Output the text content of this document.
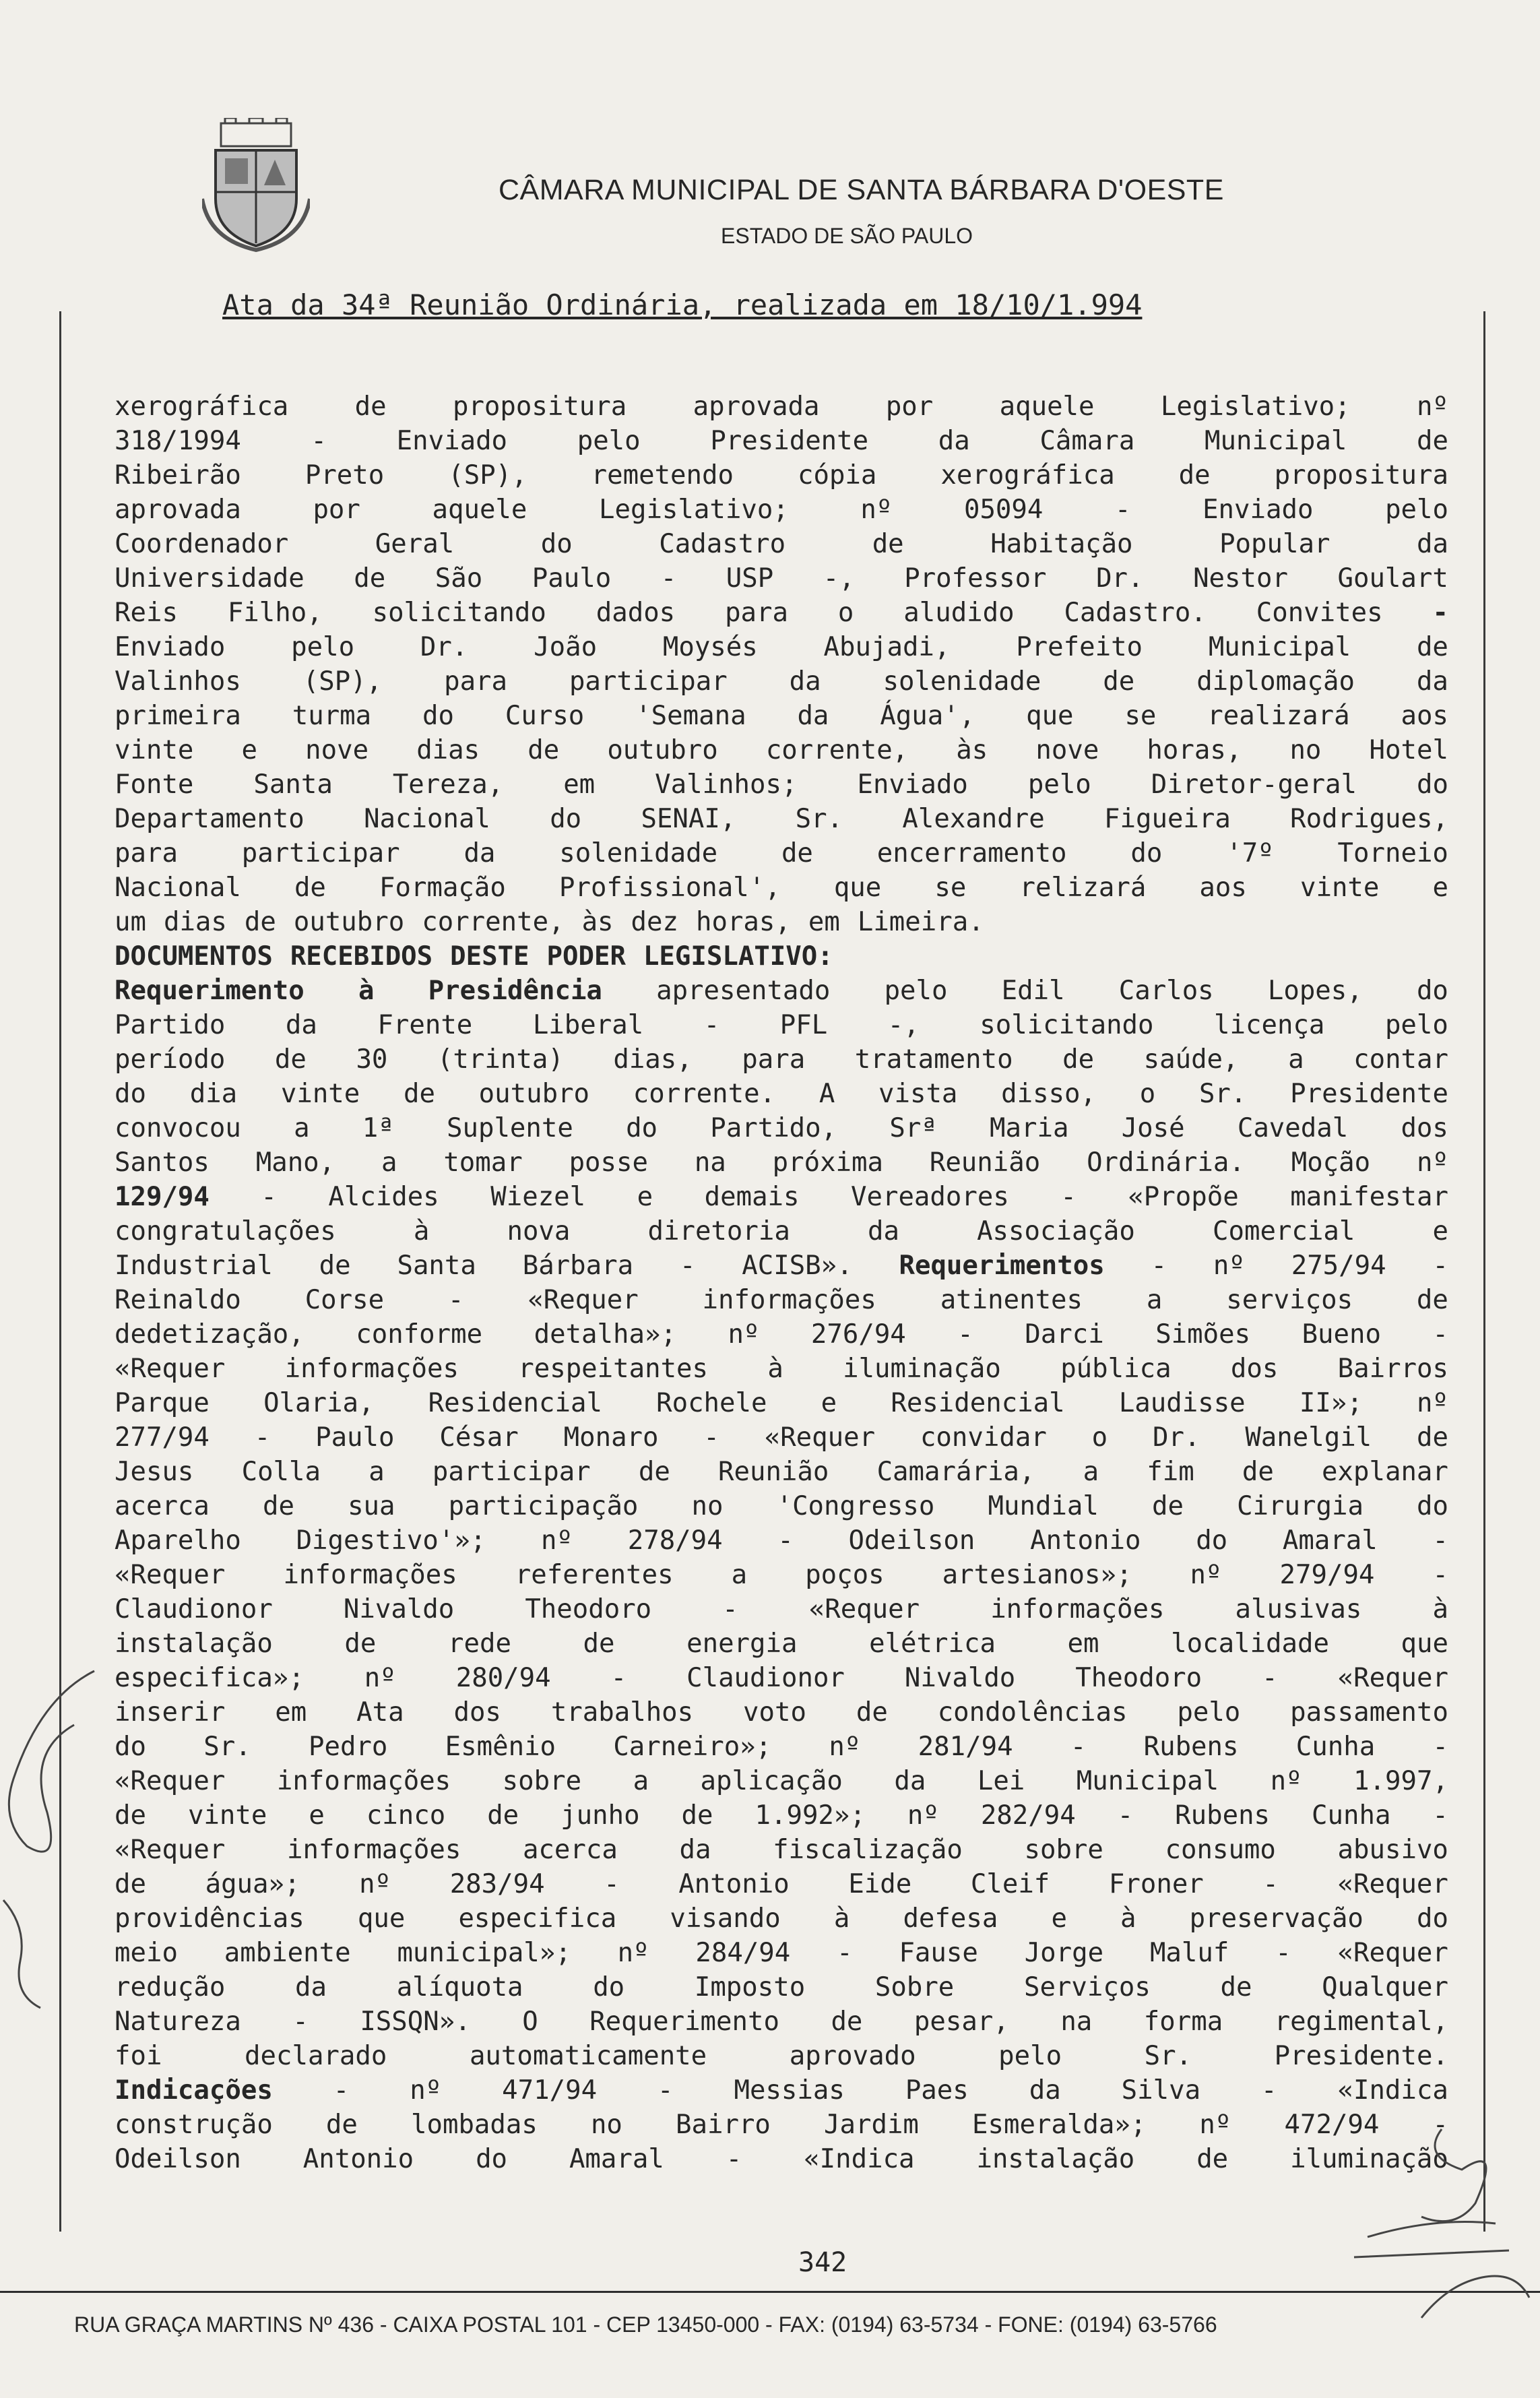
CÂMARA MUNICIPAL DE SANTA BÁRBARA D'OESTE
ESTADO DE SÃO PAULO
Ata da 34ª Reunião Ordinária, realizada em 18/10/1.994
xerográfica	de	propositura	aprovada	por	aquele	Legislativo;	nº
318/1994	-	Enviado	pelo	Presidente	da	Câmara	Municipal	de
Ribeirão Preto (SP), remetendo cópia xerográfica de propositura
aprovada	por	aquele	Legislativo;	nº	05094	-	Enviado	pelo
Coordenador	Geral	do	Cadastro	de	Habitação	Popular	da
Universidade de São Paulo - USP -, Professor Dr. Nestor Goulart
Reis Filho, solicitando dados para o aludido Cadastro. Convites -
Enviado	pelo	Dr.	João	Moysés	Abujadi,	Prefeito	Municipal	de
Valinhos (SP), para participar da solenidade de diplomação da
primeira turma do Curso 'Semana da Água', que se realizará aos
vinte e nove dias de outubro corrente, às nove horas, no Hotel
Fonte Santa Tereza, em Valinhos; Enviado pelo Diretor-geral do
Departamento Nacional do SENAI, Sr. Alexandre Figueira Rodrigues,
para participar da solenidade de encerramento do '7º Torneio
Nacional de Formação Profissional', que se relizará aos vinte e
um dias de outubro corrente, às dez horas, em Limeira.
DOCUMENTOS RECEBIDOS DESTE PODER LEGISLATIVO:
Requerimento à Presidência apresentado pelo Edil Carlos Lopes, do
Partido da Frente Liberal - PFL -, solicitando licença pelo
período de 30 (trinta) dias, para tratamento de saúde, a contar
do dia vinte de outubro corrente. A vista disso, o Sr. Presidente
convocou a 1ª Suplente do Partido, Srª Maria José Cavedal dos
Santos Mano, a tomar posse na próxima Reunião Ordinária. Moção nº
129/94 - Alcides Wiezel e demais Vereadores - «Propõe manifestar
congratulações	à	nova	diretoria	da	Associação	Comercial	e
Industrial de Santa Bárbara - ACISB». Requerimentos - nº 275/94 -
Reinaldo Corse - «Requer informações atinentes a serviços de
dedetização, conforme detalha»; nº 276/94 - Darci Simões Bueno -
«Requer informações respeitantes à iluminação pública dos Bairros
Parque Olaria, Residencial Rochele e Residencial Laudisse II»; nº
277/94 - Paulo César Monaro - «Requer convidar o Dr. Wanelgil de
Jesus Colla a participar de Reunião Camarária, a fim de explanar
acerca de sua participação no 'Congresso Mundial de Cirurgia do
Aparelho Digestivo'»; nº 278/94 - Odeilson Antonio do Amaral -
«Requer informações referentes a poços artesianos»; nº 279/94 -
Claudionor	Nivaldo	Theodoro	-	«Requer	informações	alusivas	à
instalação	de	rede	de	energia	elétrica	em	localidade	que
especifica»; nº 280/94 - Claudionor Nivaldo Theodoro - «Requer
inserir em Ata dos trabalhos voto de condolências pelo passamento
do Sr. Pedro Esmênio Carneiro»; nº 281/94 - Rubens Cunha -
«Requer informações sobre a aplicação da Lei Municipal nº 1.997,
de vinte e cinco de junho de 1.992»; nº 282/94 - Rubens Cunha -
«Requer informações acerca da fiscalização sobre consumo abusivo
de água»; nº 283/94 - Antonio Eide Cleif Froner - «Requer
providências que especifica visando à defesa e à preservação do
meio ambiente municipal»; nº 284/94 - Fause Jorge Maluf - «Requer
redução	da	alíquota	do	Imposto	Sobre	Serviços	de	Qualquer
Natureza - ISSQN». O Requerimento de pesar, na forma regimental,
foi	declarado	automaticamente	aprovado	pelo	Sr.	Presidente.
Indicações - nº 471/94 - Messias Paes da Silva - «Indica
construção de lombadas no Bairro Jardim Esmeralda»; nº 472/94 -
Odeilson Antonio do Amaral - «Indica instalação de iluminação
342
RUA GRAÇA MARTINS Nº 436 - CAIXA POSTAL 101 - CEP 13450-000 - FAX: (0194) 63-5734 - FONE: (0194) 63-5766
